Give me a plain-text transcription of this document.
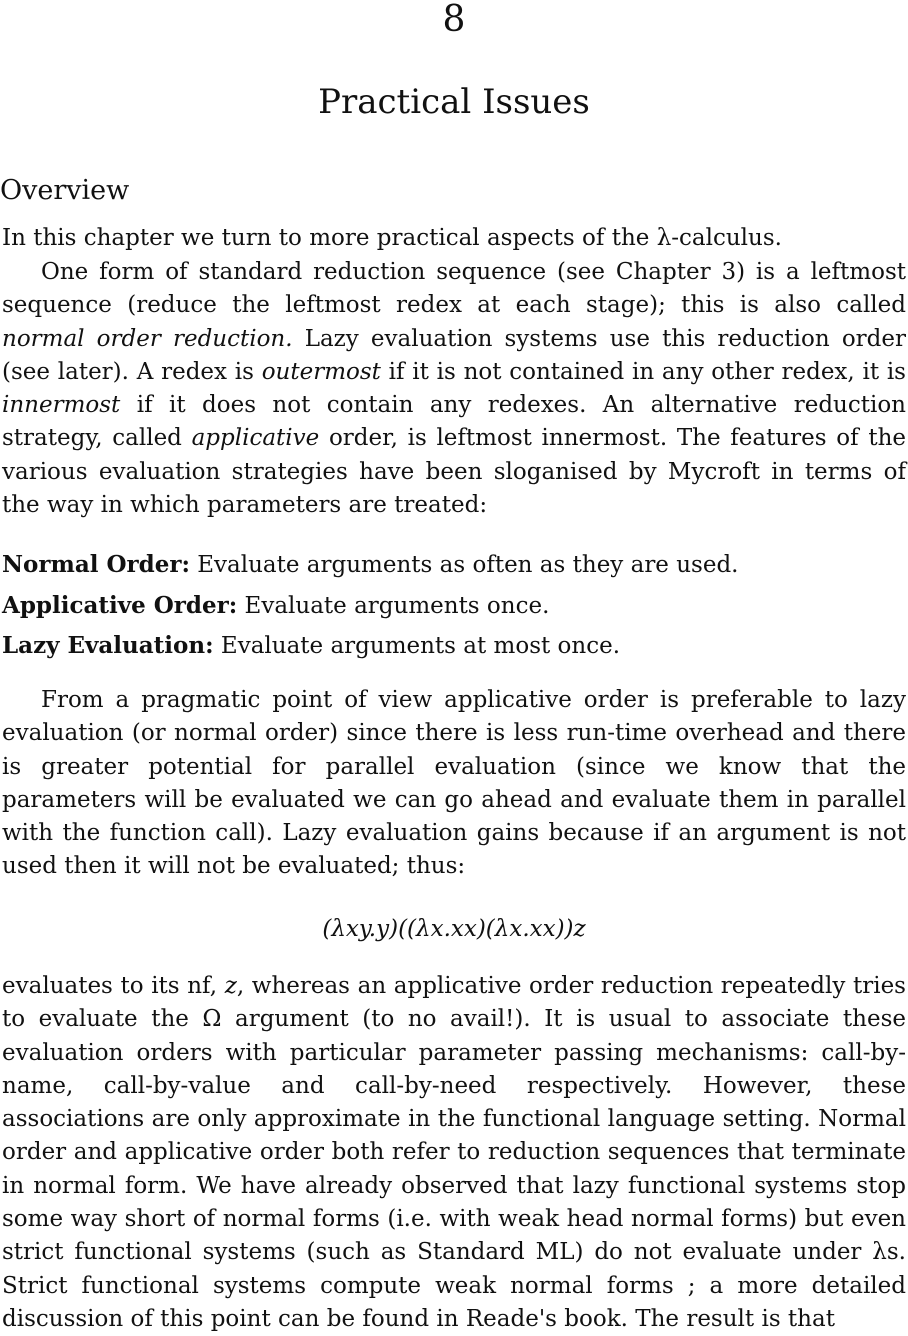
8
Practical Issues
Overview

In this chapter we turn to more practical aspects of the λ-calculus.

One form of standard reduction sequence (see Chapter 3) is a leftmost sequence (reduce the leftmost redex at each stage); this is also called normal order reduction. Lazy evaluation systems use this reduction order (see later). A redex is outermost if it is not contained in any other redex, it is innermost if it does not contain any redexes. An alternative reduction strategy, called applicative order, is leftmost innermost. The features of the various evaluation strategies have been sloganised by Mycroft in terms of the way in which parameters are treated:

Normal Order: Evaluate arguments as often as they are used.
Applicative Order: Evaluate arguments once.
Lazy Evaluation: Evaluate arguments at most once.

From a pragmatic point of view applicative order is preferable to lazy evaluation (or normal order) since there is less run-time overhead and there is greater potential for parallel evaluation (since we know that the parameters will be evaluated we can go ahead and evaluate them in parallel with the function call). Lazy evaluation gains because if an argument is not used then it will not be evaluated; thus:

(λxy.y)((λx.xx)(λx.xx))z

evaluates to its nf, z, whereas an applicative order reduction repeatedly tries to evaluate the Ω argument (to no avail!). It is usual to associate these evaluation orders with particular parameter passing mechanisms: call-by-name, call-by-value and call-by-need respectively. However, these associations are only approximate in the functional language setting. Normal order and applicative order both refer to reduction sequences that terminate in normal form. We have already observed that lazy functional systems stop some way short of normal forms (i.e. with weak head normal forms) but even strict functional systems (such as Standard ML) do not evaluate under λs. Strict functional systems compute weak normal forms ; a more detailed discussion of this point can be found in Reade's book. The result is that
